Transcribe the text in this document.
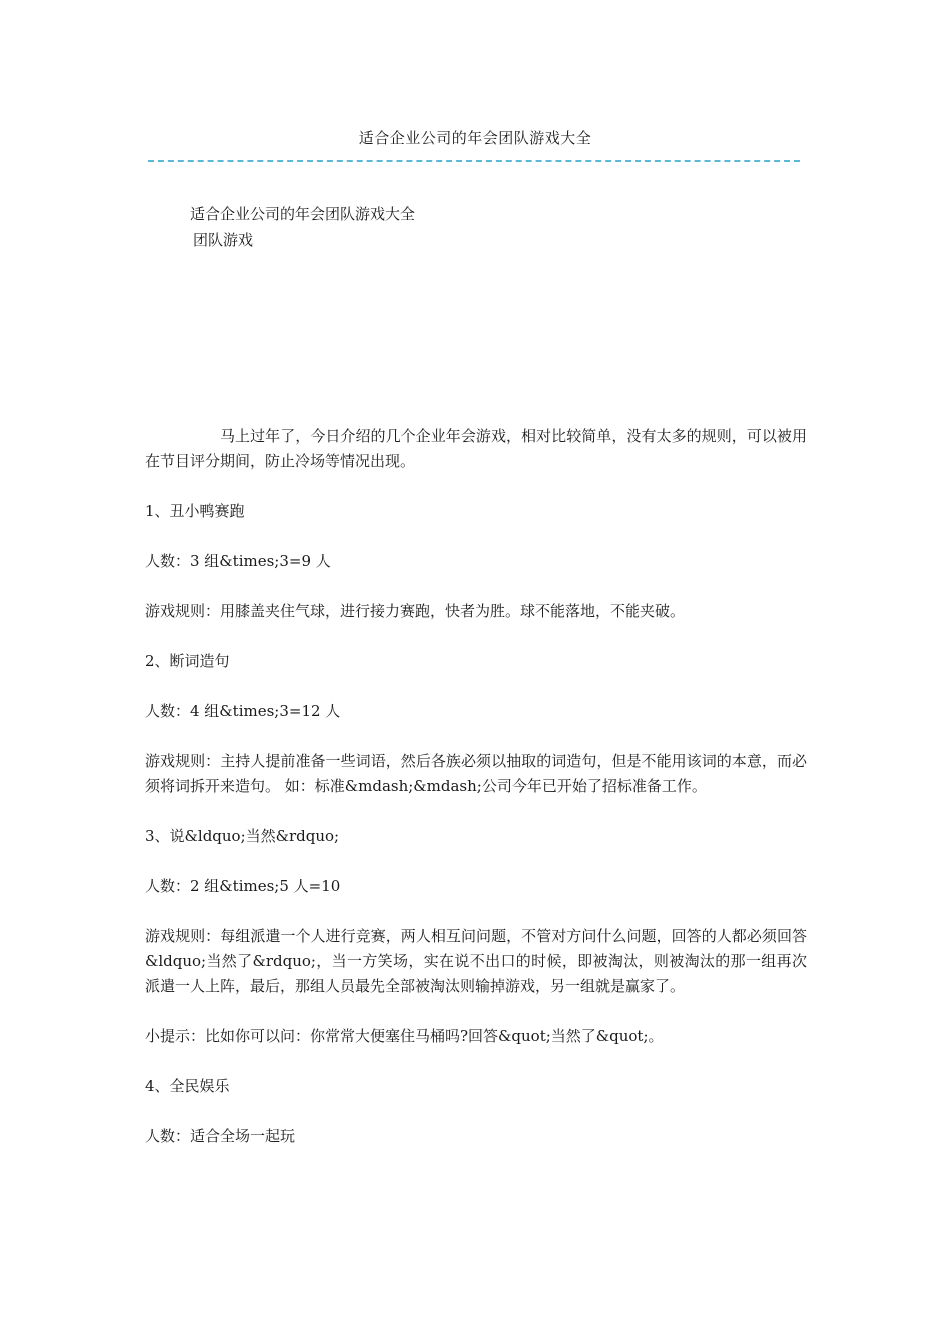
适合企业公司的年会团队游戏大全
适合企业公司的年会团队游戏大全
团队游戏

马上过年了，今日介绍的几个企业年会游戏，相对比较简单，没有太多的规则，可以被用在节目评分期间，防止冷场等情况出现。

1、丑小鸭赛跑

人数：3 组&times;3=9 人

游戏规则：用膝盖夹住气球，进行接力赛跑，快者为胜。球不能落地，不能夹破。

2、断词造句

人数：4 组&times;3=12 人

游戏规则：主持人提前准备一些词语，然后各族必须以抽取的词造句，但是不能用该词的本意，而必须将词拆开来造句。 如：标准&mdash;&mdash;公司今年已开始了招标准备工作。

3、说&ldquo;当然&rdquo;

人数：2 组&times;5 人=10

游戏规则：每组派遣一个人进行竞赛，两人相互问问题，不管对方问什么问题，回答的人都必须回答&ldquo;当然了&rdquo;，当一方笑场，实在说不出口的时候，即被淘汰，则被淘汰的那一组再次派遣一人上阵，最后，那组人员最先全部被淘汰则输掉游戏，另一组就是赢家了。

小提示：比如你可以问：你常常大便塞住马桶吗?回答&quot;当然了&quot;。

4、全民娱乐

人数：适合全场一起玩
